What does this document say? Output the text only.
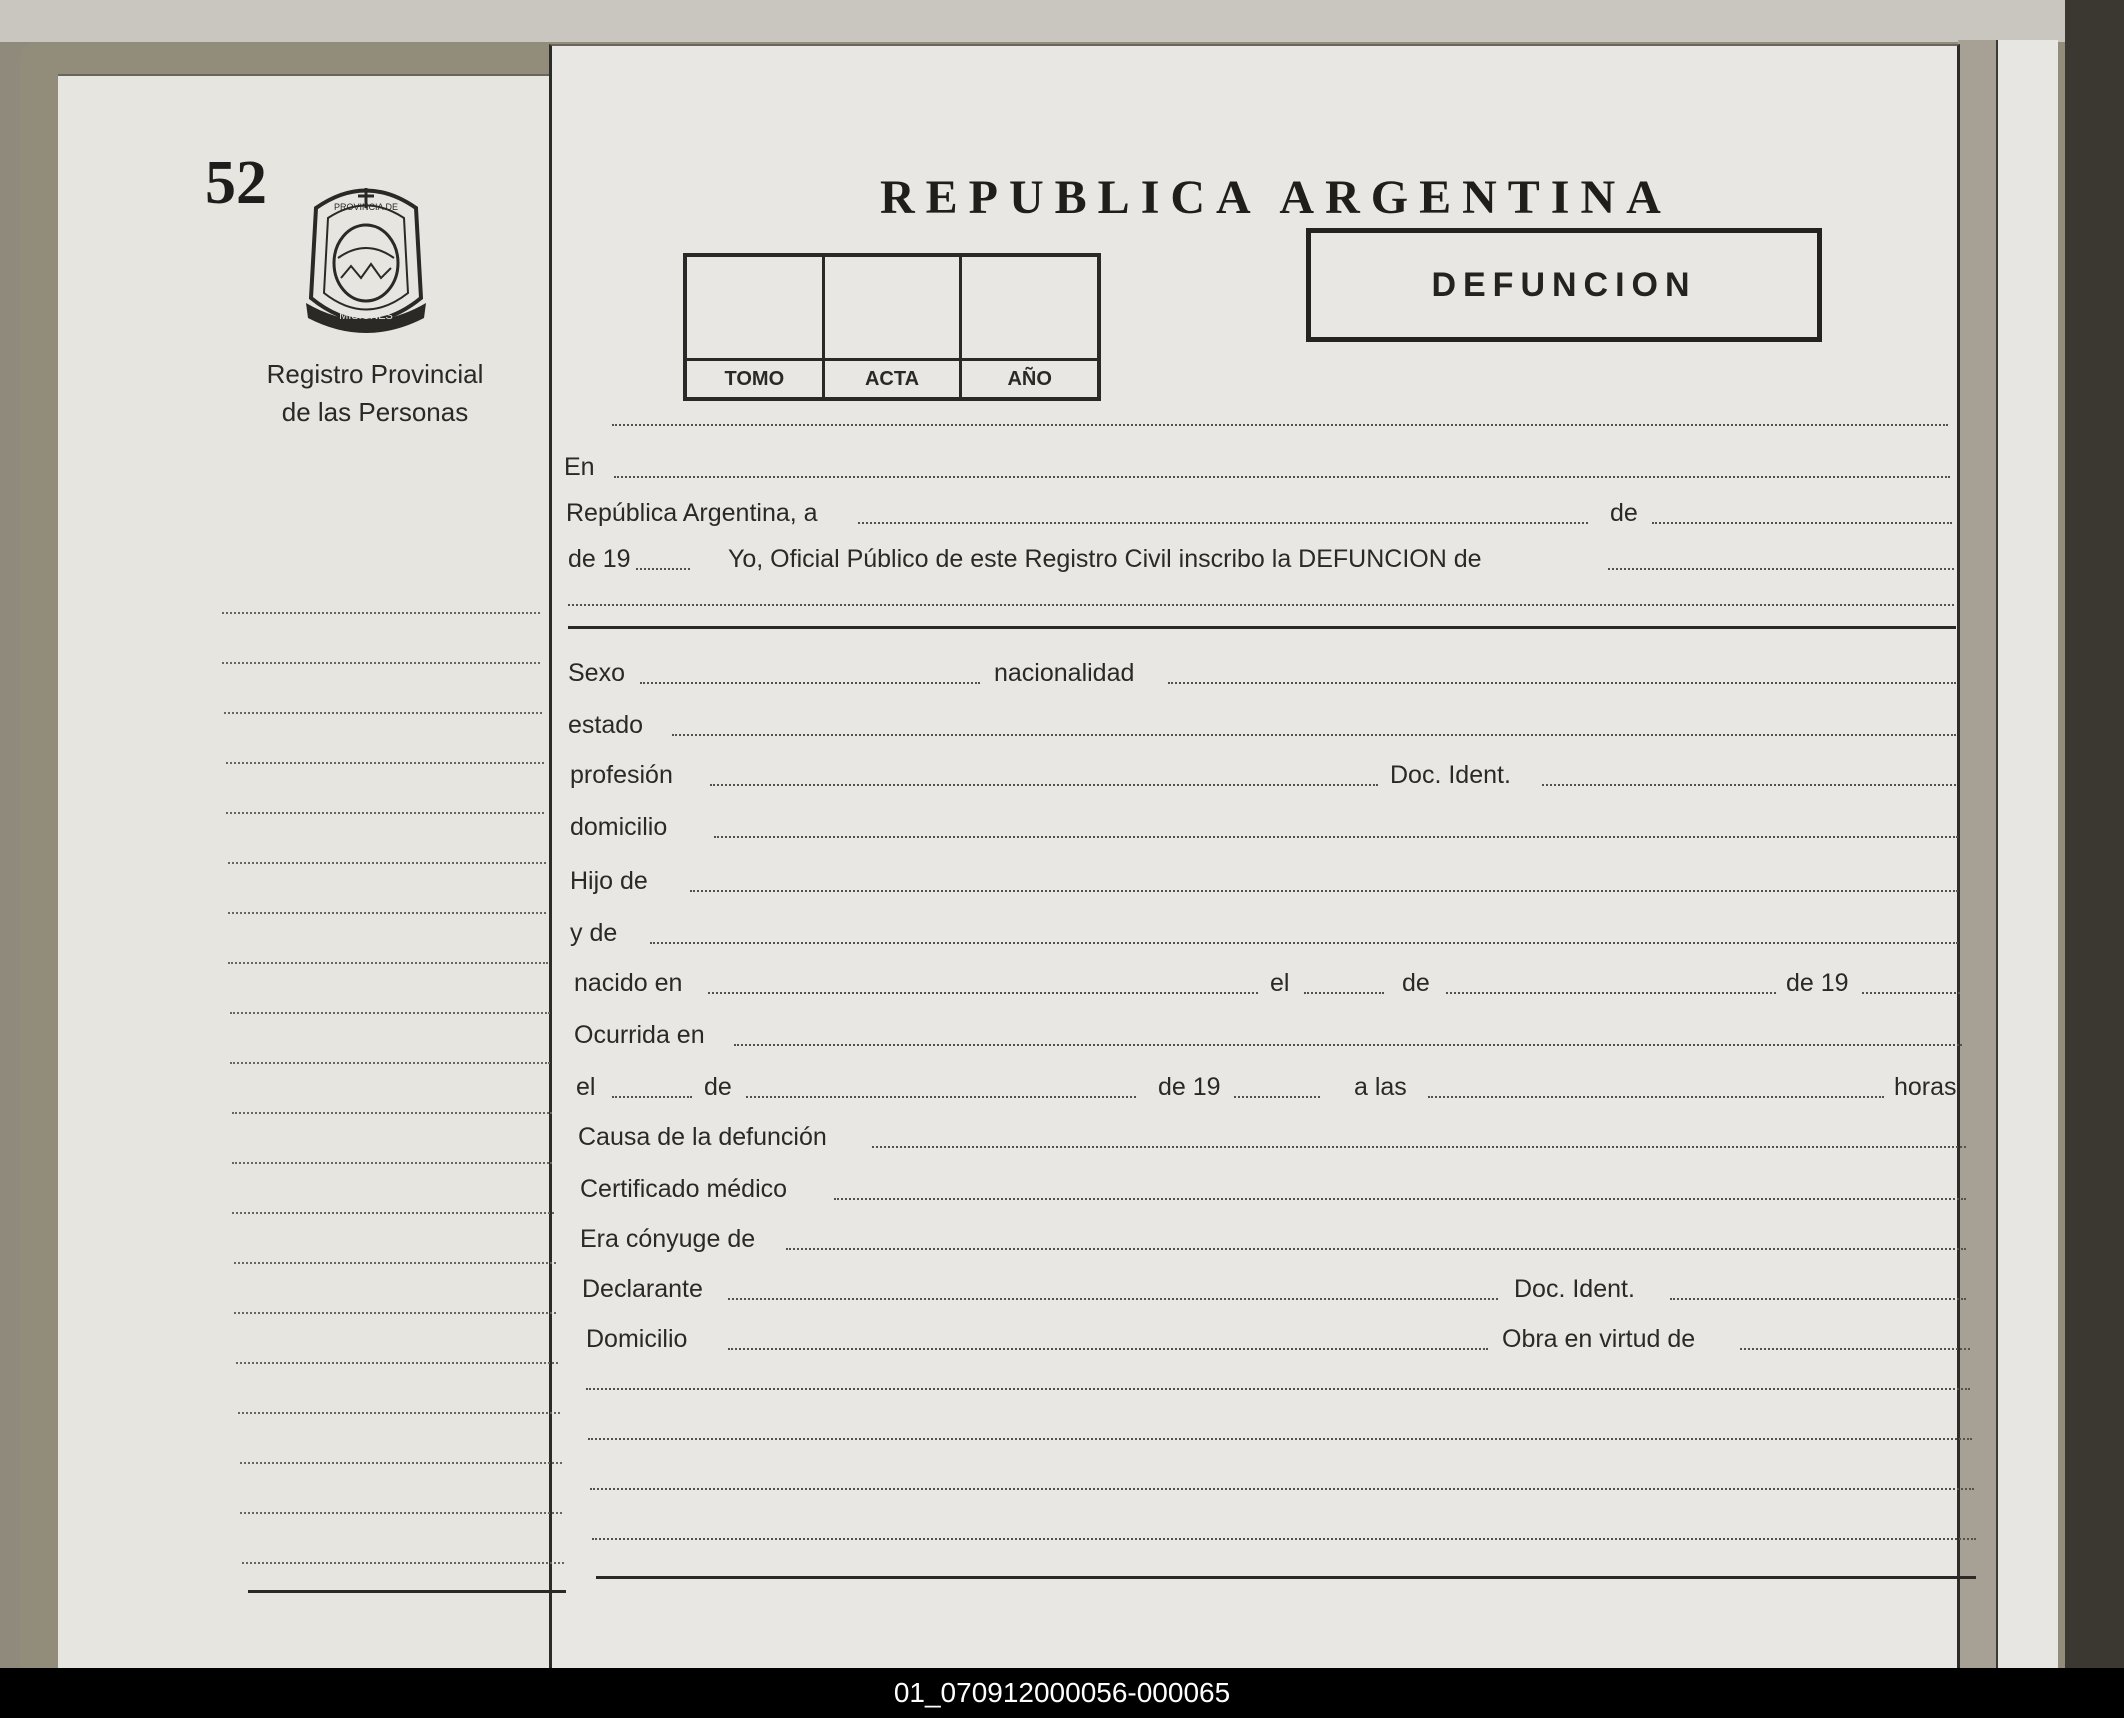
52
MISIONES
PROVINCIA DE
Registro Provincial
de las Personas
REPUBLICA ARGENTINA
TOMO	ACTA	AÑO
DEFUNCION
En
República Argentina, a	de
de 19	Yo, Oficial Público de este Registro Civil inscribo la DEFUNCION de
Sexo	nacionalidad
estado
profesión	Doc. Ident.
domicilio
Hijo de
y de
nacido en	el	de	de 19
Ocurrida en
el	de	de 19	a las	horas
Causa de la defunción
Certificado médico
Era cónyuge de
Declarante	Doc. Ident.
Domicilio	Obra en virtud de
01_070912000056-000065
